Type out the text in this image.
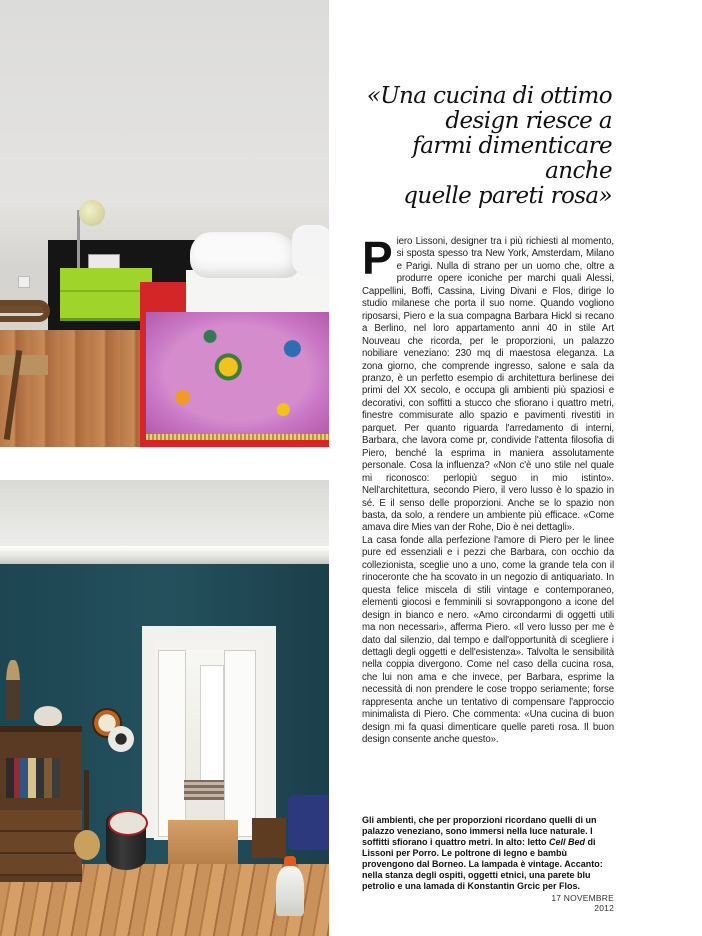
«Una cucina di ottimo
design riesce a
farmi dimenticare anche
quelle pareti rosa»

Piero Lissoni, designer tra i più richiesti al momento, si sposta spesso tra New York, Amsterdam, Milano e Parigi. Nulla di strano per un uomo che, oltre a produrre opere iconiche per marchi quali Alessi, Cappellini, Boffi, Cassina, Living Divani e Flos, dirige lo studio milanese che porta il suo nome. Quando vogliono riposarsi, Piero e la sua compagna Barbara Hickl si recano a Berlino, nel loro appartamento anni 40 in stile Art Nouveau che ricorda, per le proporzioni, un palazzo nobiliare veneziano: 230 mq di maestosa eleganza. La zona giorno, che comprende ingresso, salone e sala da pranzo, è un perfetto esempio di architettura berlinese dei primi del XX secolo, e occupa gli ambienti più spaziosi e decorativi, con soffitti a stucco che sfiorano i quattro metri, finestre commisurate allo spazio e pavimenti rivestiti in parquet. Per quanto riguarda l'arredamento di interni, Barbara, che lavora come pr, condivide l'attenta filosofia di Piero, benché la esprima in maniera assolutamente personale. Cosa la influenza? «Non c'è uno stile nel quale mi riconosco: perlopiù seguo in mio istinto». Nell'architettura, secondo Piero, il vero lusso è lo spazio in sé. E il senso delle proporzioni. Anche se lo spazio non basta, da solo, a rendere un ambiente più efficace. «Come amava dire Mies van der Rohe, Dio è nei dettagli».

La casa fonde alla perfezione l'amore di Piero per le linee pure ed essenziali e i pezzi che Barbara, con occhio da collezionista, sceglie uno a uno, come la grande tela con il rinoceronte che ha scovato in un negozio di antiquariato. In questa felice miscela di stili vintage e contemporaneo, elementi giocosi e femminili si sovrappongono a icone del design in bianco e nero. «Amo circondarmi di oggetti utili ma non necessari», afferma Piero. «Il vero lusso per me è dato dal silenzio, dal tempo e dall'opportunità di scegliere i dettagli degli oggetti e dell'esistenza». Talvolta le sensibilità nella coppia divergono. Come nel caso della cucina rosa, che lui non ama e che invece, per Barbara, esprime la necessità di non prendere le cose troppo seriamente; forse rappresenta anche un tentativo di compensare l'approccio minimalista di Piero. Che commenta: «Una cucina di buon design mi fa quasi dimenticare quelle pareti rosa. Il buon design consente anche questo».

Gli ambienti, che per proporzioni ricordano quelli di un palazzo veneziano, sono immersi nella luce naturale. I soffitti sfiorano i quattro metri. In alto: letto Cell Bed di Lissoni per Porro. Le poltrone di legno e bambù provengono dal Borneo. La lampada è vintage. Accanto: nella stanza degli ospiti, oggetti etnici, una parete blu petrolio e una lamada di Konstantin Grcic per Flos.

17 NOVEMBRE 2012
